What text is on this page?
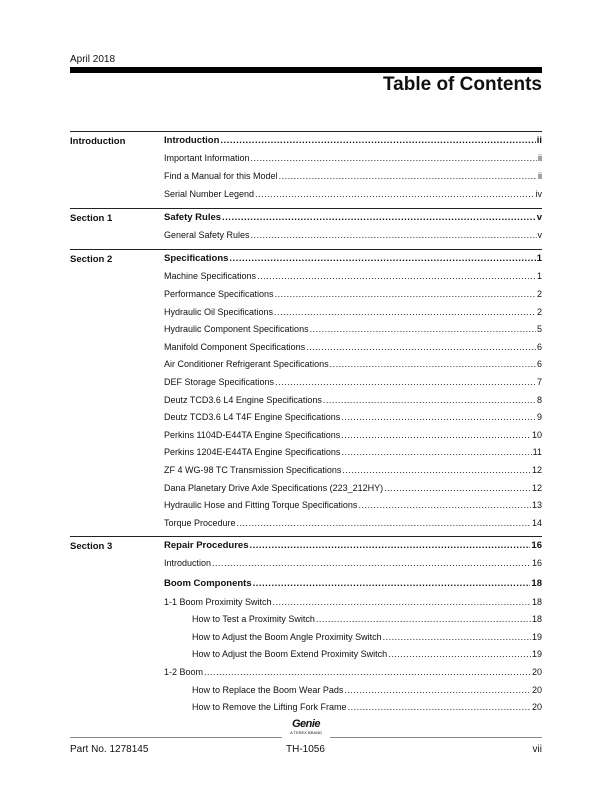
April 2018
Table of Contents
Introduction	Introduction .....	ii
Important Information .....	ii
Find a Manual for this Model .....	ii
Serial Number Legend .....	iv
Section 1	Safety Rules .....	v
General Safety Rules .....	v
Section 2	Specifications .....	1
Machine Specifications .....	1
Performance Specifications .....	2
Hydraulic Oil Specifications .....	2
Hydraulic Component Specifications .....	5
Manifold Component Specifications .....	6
Air Conditioner Refrigerant Specifications .....	6
DEF Storage Specifications .....	7
Deutz TCD3.6 L4 Engine Specifications .....	8
Deutz TCD3.6 L4 T4F Engine Specifications .....	9
Perkins 1104D-E44TA Engine Specifications .....	10
Perkins 1204E-E44TA Engine Specifications .....	11
ZF 4 WG-98 TC Transmission Specifications .....	12
Dana Planetary Drive Axle Specifications (223_212HY) .....	12
Hydraulic Hose and Fitting Torque Specifications .....	13
Torque Procedure .....	14
Section 3	Repair Procedures .....	16
Introduction .....	16
Boom Components .....	18
1-1 Boom Proximity Switch .....	18
How to Test a Proximity Switch .....	18
How to Adjust the Boom Angle Proximity Switch .....	19
How to Adjust the Boom Extend Proximity Switch .....	19
1-2 Boom .....	20
How to Replace the Boom Wear Pads .....	20
How to Remove the Lifting Fork Frame .....	20
Genie
A TEREX BRAND
Part No. 1278145	TH-1056	vii
